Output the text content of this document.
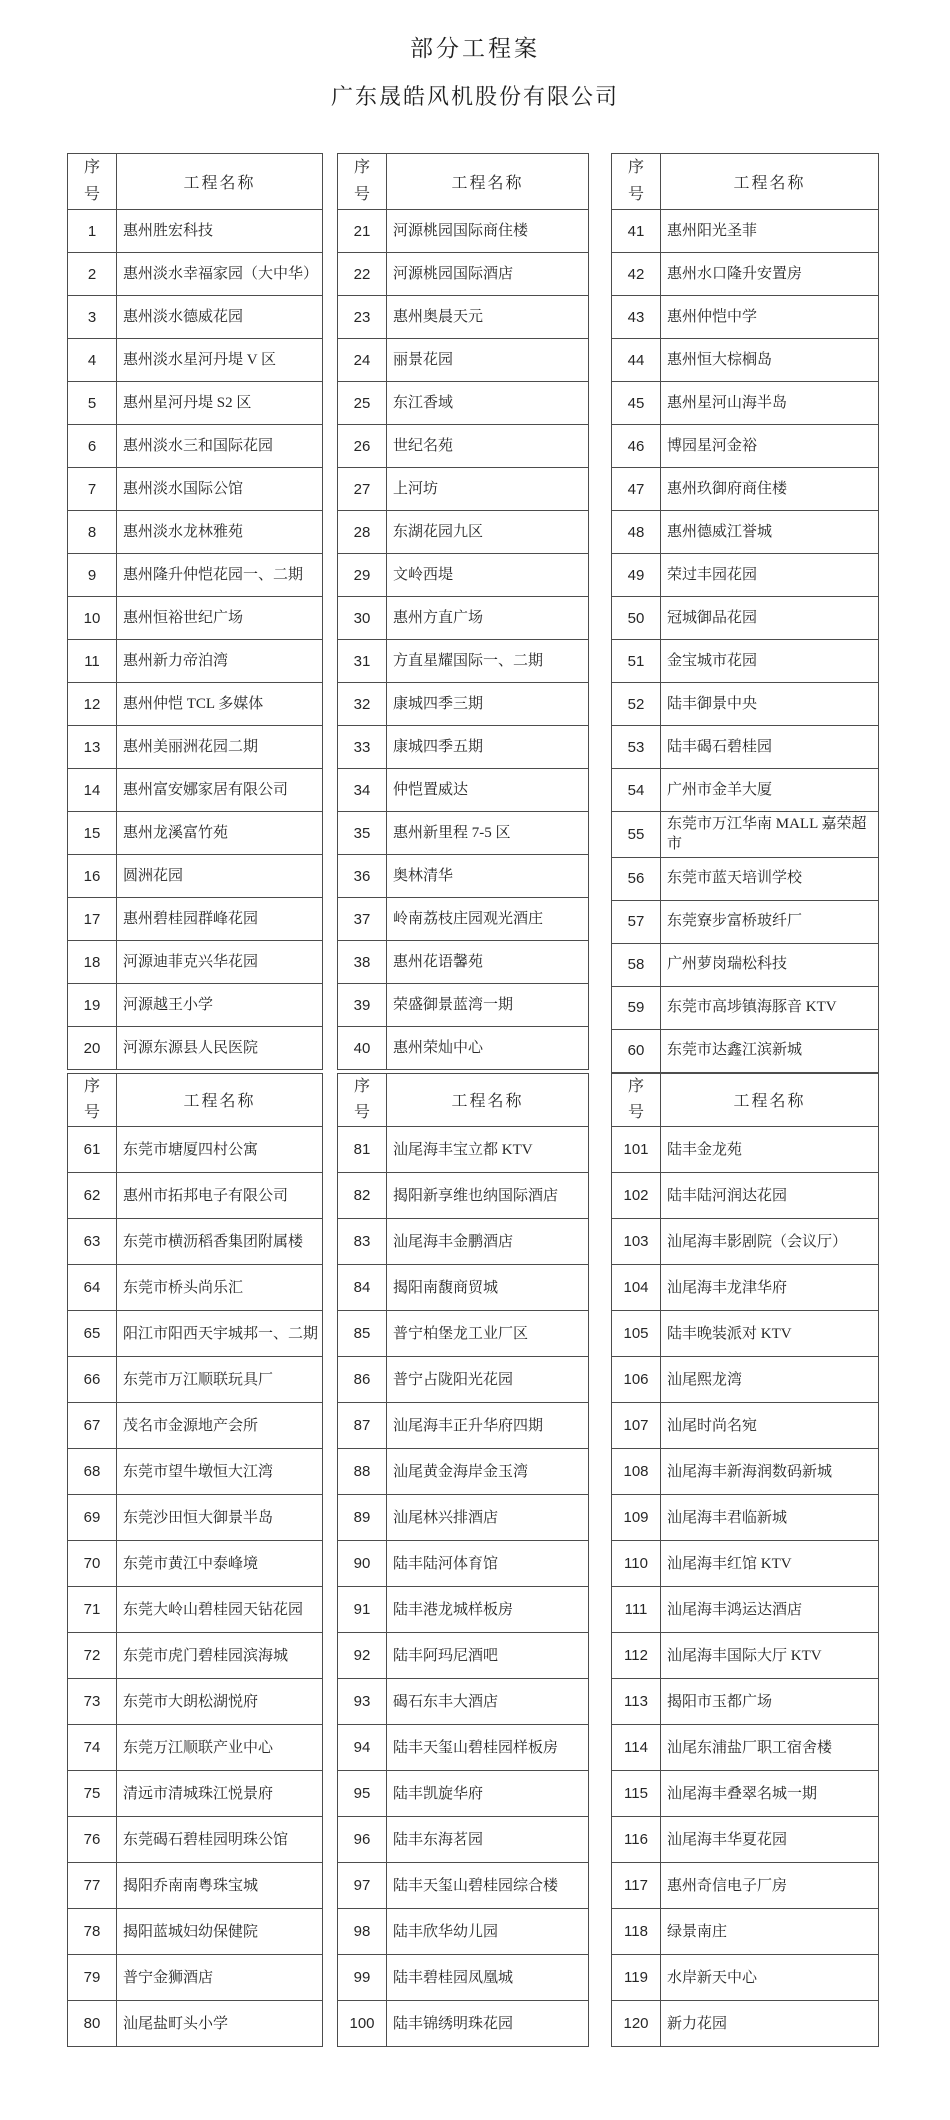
部分工程案
广东晟皓风机股份有限公司
序号	工程名称
1	惠州胜宏科技
2	惠州淡水幸福家园（大中华）
3	惠州淡水德威花园
4	惠州淡水星河丹堤 V 区
5	惠州星河丹堤 S2 区
6	惠州淡水三和国际花园
7	惠州淡水国际公馆
8	惠州淡水龙林雅苑
9	惠州隆升仲恺花园一、二期
10	惠州恒裕世纪广场
11	惠州新力帝泊湾
12	惠州仲恺 TCL 多媒体
13	惠州美丽洲花园二期
14	惠州富安娜家居有限公司
15	惠州龙溪富竹苑
16	圆洲花园
17	惠州碧桂园群峰花园
18	河源迪菲克兴华花园
19	河源越王小学
20	河源东源县人民医院
序号	工程名称
21	河源桃园国际商住楼
22	河源桃园国际酒店
23	惠州奥晨天元
24	丽景花园
25	东江香域
26	世纪名苑
27	上河坊
28	东湖花园九区
29	文岭西堤
30	惠州方直广场
31	方直星耀国际一、二期
32	康城四季三期
33	康城四季五期
34	仲恺置威达
35	惠州新里程 7-5 区
36	奥林清华
37	岭南荔枝庄园观光酒庄
38	惠州花语馨苑
39	荣盛御景蓝湾一期
40	惠州荣灿中心
序号	工程名称
41	惠州阳光圣菲
42	惠州水口隆升安置房
43	惠州仲恺中学
44	惠州恒大棕榈岛
45	惠州星河山海半岛
46	博园星河金裕
47	惠州玖御府商住楼
48	惠州德威江誉城
49	荣过丰园花园
50	冠城御品花园
51	金宝城市花园
52	陆丰御景中央
53	陆丰碣石碧桂园
54	广州市金羊大厦
55	东莞市万江华南 MALL 嘉荣超市
56	东莞市蓝天培训学校
57	东莞寮步富桥玻纤厂
58	广州萝岗瑞松科技
59	东莞市高埗镇海豚音 KTV
60	东莞市达鑫江滨新城
序号	工程名称
61	东莞市塘厦四村公寓
62	惠州市拓邦电子有限公司
63	东莞市横沥稻香集团附属楼
64	东莞市桥头尚乐汇
65	阳江市阳西天宇城邦一、二期
66	东莞市万江顺联玩具厂
67	茂名市金源地产会所
68	东莞市望牛墩恒大江湾
69	东莞沙田恒大御景半岛
70	东莞市黄江中泰峰境
71	东莞大岭山碧桂园天钻花园
72	东莞市虎门碧桂园滨海城
73	东莞市大朗松湖悦府
74	东莞万江顺联产业中心
75	清远市清城珠江悦景府
76	东莞碣石碧桂园明珠公馆
77	揭阳乔南南粤珠宝城
78	揭阳蓝城妇幼保健院
79	普宁金狮酒店
80	汕尾盐町头小学
序号	工程名称
81	汕尾海丰宝立都 KTV
82	揭阳新享维也纳国际酒店
83	汕尾海丰金鹏酒店
84	揭阳南馥商贸城
85	普宁柏堡龙工业厂区
86	普宁占陇阳光花园
87	汕尾海丰正升华府四期
88	汕尾黄金海岸金玉湾
89	汕尾林兴排酒店
90	陆丰陆河体育馆
91	陆丰港龙城样板房
92	陆丰阿玛尼酒吧
93	碣石东丰大酒店
94	陆丰天玺山碧桂园样板房
95	陆丰凯旋华府
96	陆丰东海茗园
97	陆丰天玺山碧桂园综合楼
98	陆丰欣华幼儿园
99	陆丰碧桂园凤凰城
100	陆丰锦绣明珠花园
序号	工程名称
101	陆丰金龙苑
102	陆丰陆河润达花园
103	汕尾海丰影剧院（会议厅）
104	汕尾海丰龙津华府
105	陆丰晚装派对 KTV
106	汕尾熙龙湾
107	汕尾时尚名宛
108	汕尾海丰新海润数码新城
109	汕尾海丰君临新城
110	汕尾海丰红馆 KTV
111	汕尾海丰鸿运达酒店
112	汕尾海丰国际大厅 KTV
113	揭阳市玉都广场
114	汕尾东浦盐厂职工宿舍楼
115	汕尾海丰叠翠名城一期
116	汕尾海丰华夏花园
117	惠州奇信电子厂房
118	绿景南庄
119	水岸新天中心
120	新力花园
